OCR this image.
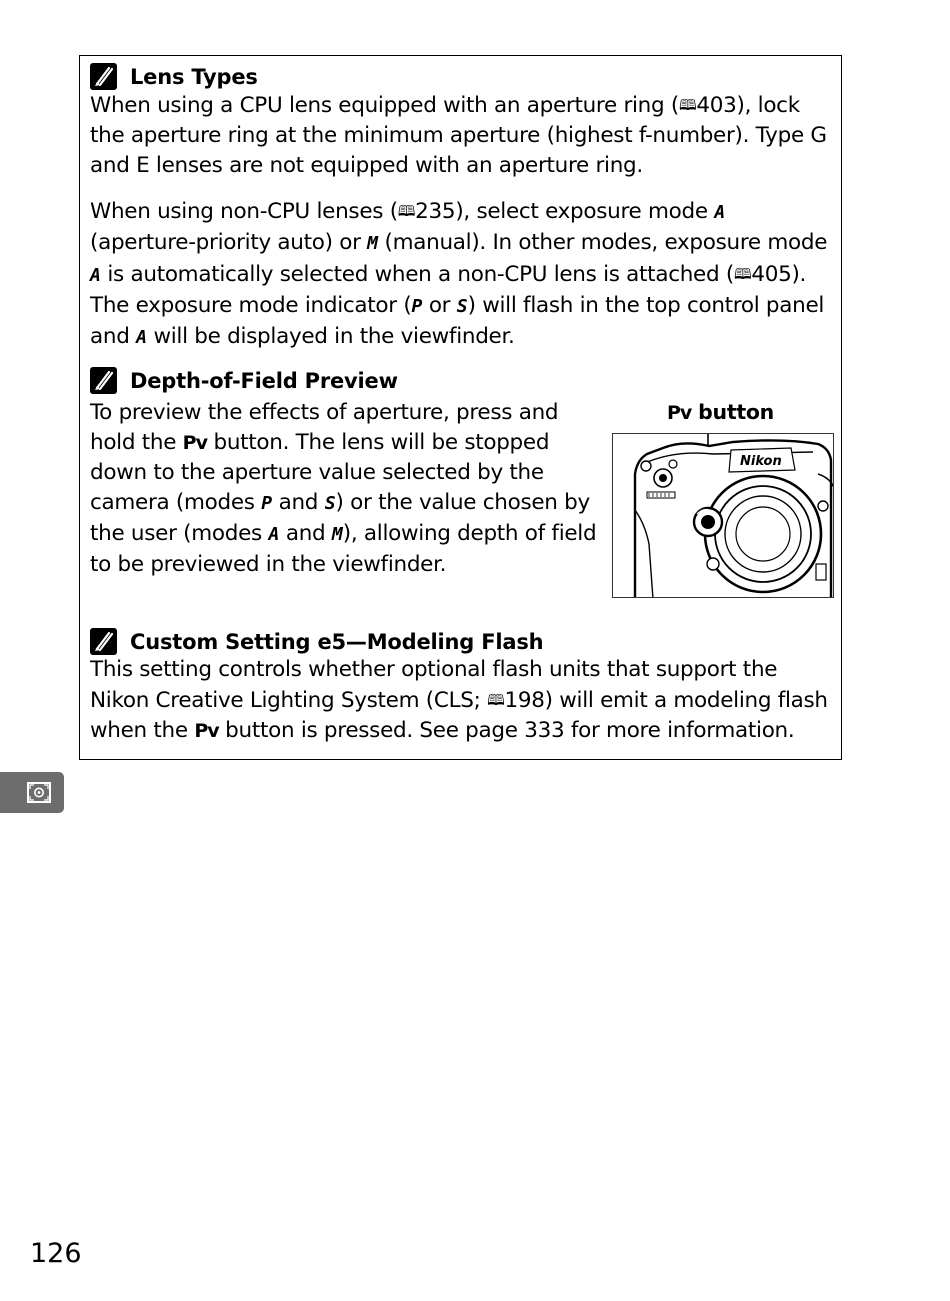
Lens Types

When using a CPU lens equipped with an aperture ring (🕮403), lock the aperture ring at the minimum aperture (highest f-number). Type G and E lenses are not equipped with an aperture ring.

When using non-CPU lenses (🕮235), select exposure mode A (aperture-priority auto) or M (manual). In other modes, exposure mode A is automatically selected when a non-CPU lens is attached (🕮405). The exposure mode indicator (P or S) will flash in the top control panel and A will be displayed in the viewfinder.

Depth-of-Field Preview

To preview the effects of aperture, press and hold the Pv button. The lens will be stopped down to the aperture value selected by the camera (modes P and S) or the value chosen by the user (modes A and M), allowing depth of field to be previewed in the viewfinder.

Pv button
Nikon
Custom Setting e5—Modeling Flash

This setting controls whether optional flash units that support the Nikon Creative Lighting System (CLS; 🕮198) will emit a modeling flash when the Pv button is pressed. See page 333 for more information.

126
